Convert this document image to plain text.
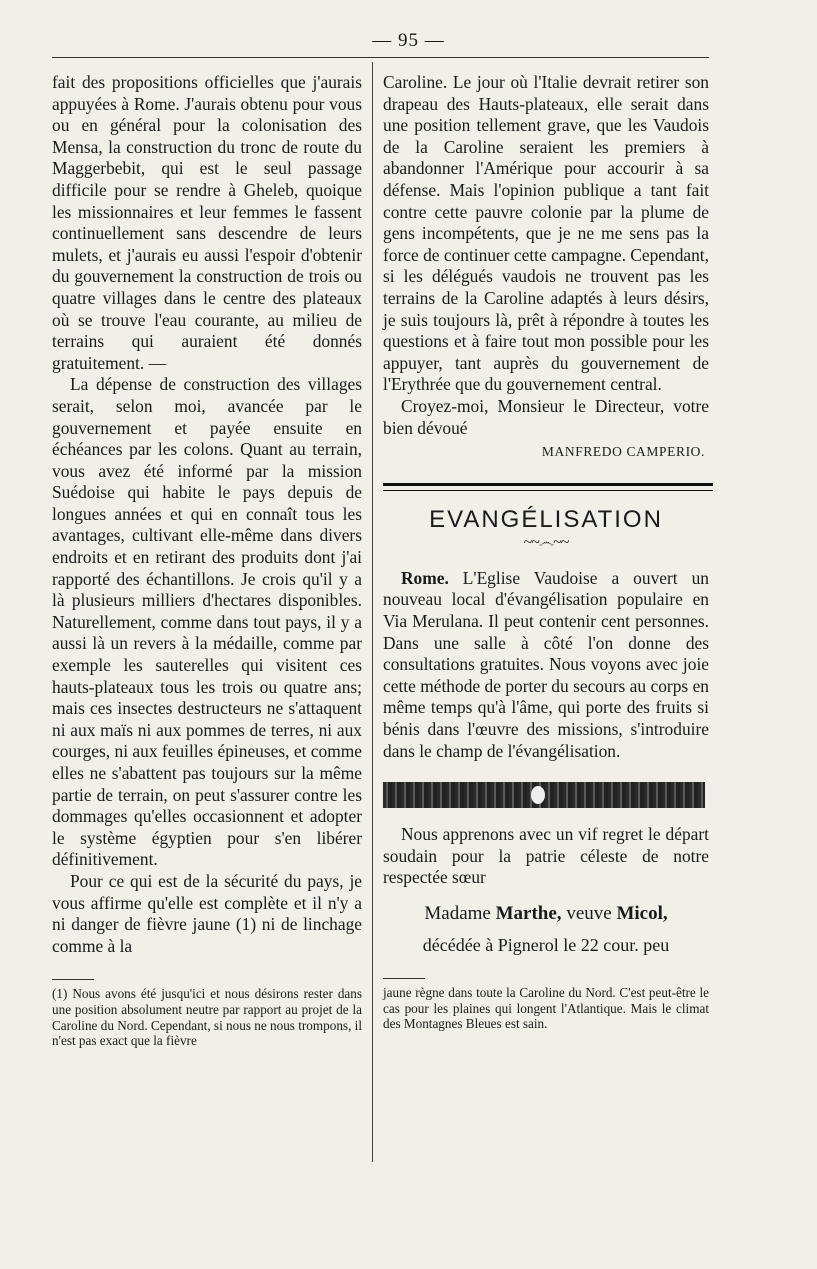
— 95 —

fait des propositions officielles que j'aurais appuyées à Rome. J'aurais obtenu pour vous ou en général pour la colonisation des Mensa, la construction du tronc de route du Maggerbebit, qui est le seul passage difficile pour se rendre à Gheleb, quoique les missionnaires et leur femmes le fassent continuellement sans descendre de leurs mulets, et j'aurais eu aussi l'espoir d'obtenir du gouvernement la construction de trois ou quatre villages dans le centre des plateaux où se trouve l'eau courante, au milieu de terrains qui auraient été donnés gratuitement. —

La dépense de construction des villages serait, selon moi, avancée par le gouvernement et payée ensuite en échéances par les colons. Quant au terrain, vous avez été informé par la mission Suédoise qui habite le pays depuis de longues années et qui en connaît tous les avantages, cultivant elle-même dans divers endroits et en retirant des produits dont j'ai rapporté des échantillons. Je crois qu'il y a là plusieurs milliers d'hectares disponibles. Naturellement, comme dans tout pays, il y a aussi là un revers à la médaille, comme par exemple les sauterelles qui visitent ces hauts-plateaux tous les trois ou quatre ans; mais ces insectes destructeurs ne s'attaquent ni aux maïs ni aux pommes de terres, ni aux courges, ni aux feuilles épineuses, et comme elles ne s'abattent pas toujours sur la même partie de terrain, on peut s'assurer contre les dommages qu'elles occasionnent et adopter le système égyptien pour s'en libérer définitivement.

Pour ce qui est de la sécurité du pays, je vous affirme qu'elle est complète et il n'y a ni danger de fièvre jaune (1) ni de linchage comme à la

(1) Nous avons été jusqu'ici et nous désirons rester dans une position absolument neutre par rapport au projet de la Caroline du Nord. Cependant, si nous ne nous trompons, il n'est pas exact que la fièvre

Caroline. Le jour où l'Italie devrait retirer son drapeau des Hauts-plateaux, elle serait dans une position tellement grave, que les Vaudois de la Caroline seraient les premiers à abandonner l'Amérique pour accourir à sa défense. Mais l'opinion publique a tant fait contre cette pauvre colonie par la plume de gens incompétents, que je ne me sens pas la force de continuer cette campagne. Cependant, si les délégués vaudois ne trouvent pas les terrains de la Caroline adaptés à leurs désirs, je suis toujours là, prêt à répondre à toutes les questions et à faire tout mon possible pour les appuyer, tant auprès du gouvernement de l'Erythrée que du gouvernement central.

Croyez-moi, Monsieur le Directeur, votre bien dévoué

MANFREDO CAMPERIO.
EVANGÉLISATION
~~෴~~

Rome. L'Eglise Vaudoise a ouvert un nouveau local d'évangélisation populaire en Via Merulana. Il peut contenir cent personnes. Dans une salle à côté l'on donne des consultations gratuites. Nous voyons avec joie cette méthode de porter du secours au corps en même temps qu'à l'âme, qui porte des fruits si bénis dans l'œuvre des missions, s'introduire dans le champ de l'évangélisation.

Nous apprenons avec un vif regret le départ soudain pour la patrie céleste de notre respectée sœur

Madame Marthe, veuve Micol,
décédée à Pignerol le 22 cour. peu

jaune règne dans toute la Caroline du Nord. C'est peut-être le cas pour les plaines qui longent l'Atlantique. Mais le climat des Montagnes Bleues est sain.
